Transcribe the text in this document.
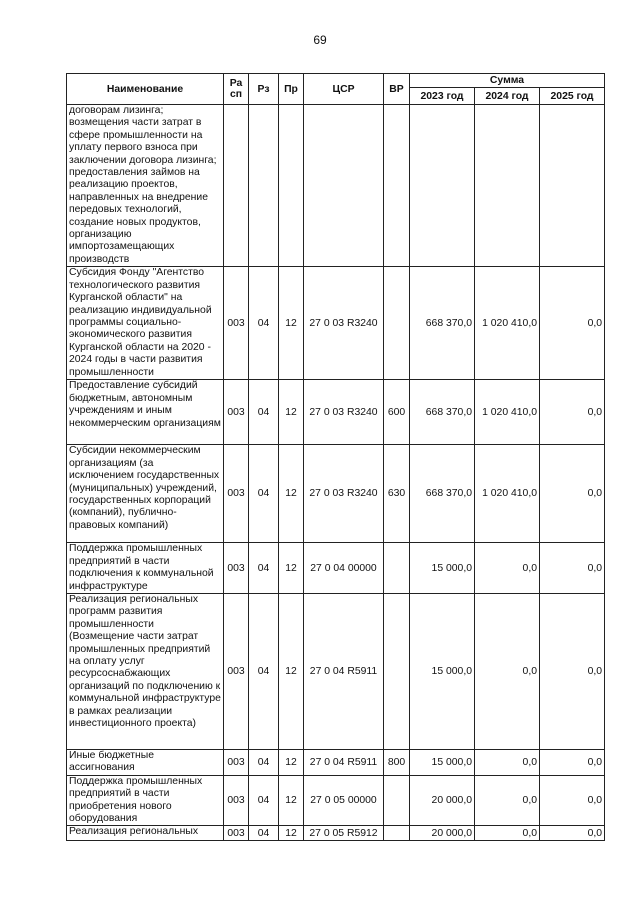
69
Наименование	Ра сп	Рз	Пр	ЦСР	ВР	Сумма		
						2023 год	2024 год	2025 год
договорам лизинга; возмещения части затрат в сфере промышленности на уплату первого взноса при заключении договора лизинга; предоставления займов на реализацию проектов, направленных на внедрение передовых технологий, создание новых продуктов, организацию импортозамещающих производств								
Субсидия Фонду "Агентство технологического развития Курганской области" на реализацию индивидуальной программы социально-экономического развития Курганской области на 2020 - 2024 годы в части развития промышленности	003	04	12	27 0 03 R3240		668 370,0	1 020 410,0	0,0
Предоставление субсидий бюджетным, автономным учреждениям и иным некоммерческим организациям	003	04	12	27 0 03 R3240	600	668 370,0	1 020 410,0	0,0
Субсидии некоммерческим организациям (за исключением государственных (муниципальных) учреждений, государственных корпораций (компаний), публично-правовых компаний)	003	04	12	27 0 03 R3240	630	668 370,0	1 020 410,0	0,0
Поддержка промышленных предприятий в части подключения к коммунальной инфраструктуре	003	04	12	27 0 04 00000		15 000,0	0,0	0,0
Реализация региональных программ развития промышленности (Возмещение части затрат промышленных предприятий на оплату услуг ресурсоснабжающих организаций по подключению к коммунальной инфраструктуре в рамках реализации инвестиционного проекта)	003	04	12	27 0 04 R5911		15 000,0	0,0	0,0
Иные бюджетные ассигнования	003	04	12	27 0 04 R5911	800	15 000,0	0,0	0,0
Поддержка промышленных предприятий в части приобретения нового оборудования	003	04	12	27 0 05 00000		20 000,0	0,0	0,0
Реализация региональных	003	04	12	27 0 05 R5912		20 000,0	0,0	0,0
